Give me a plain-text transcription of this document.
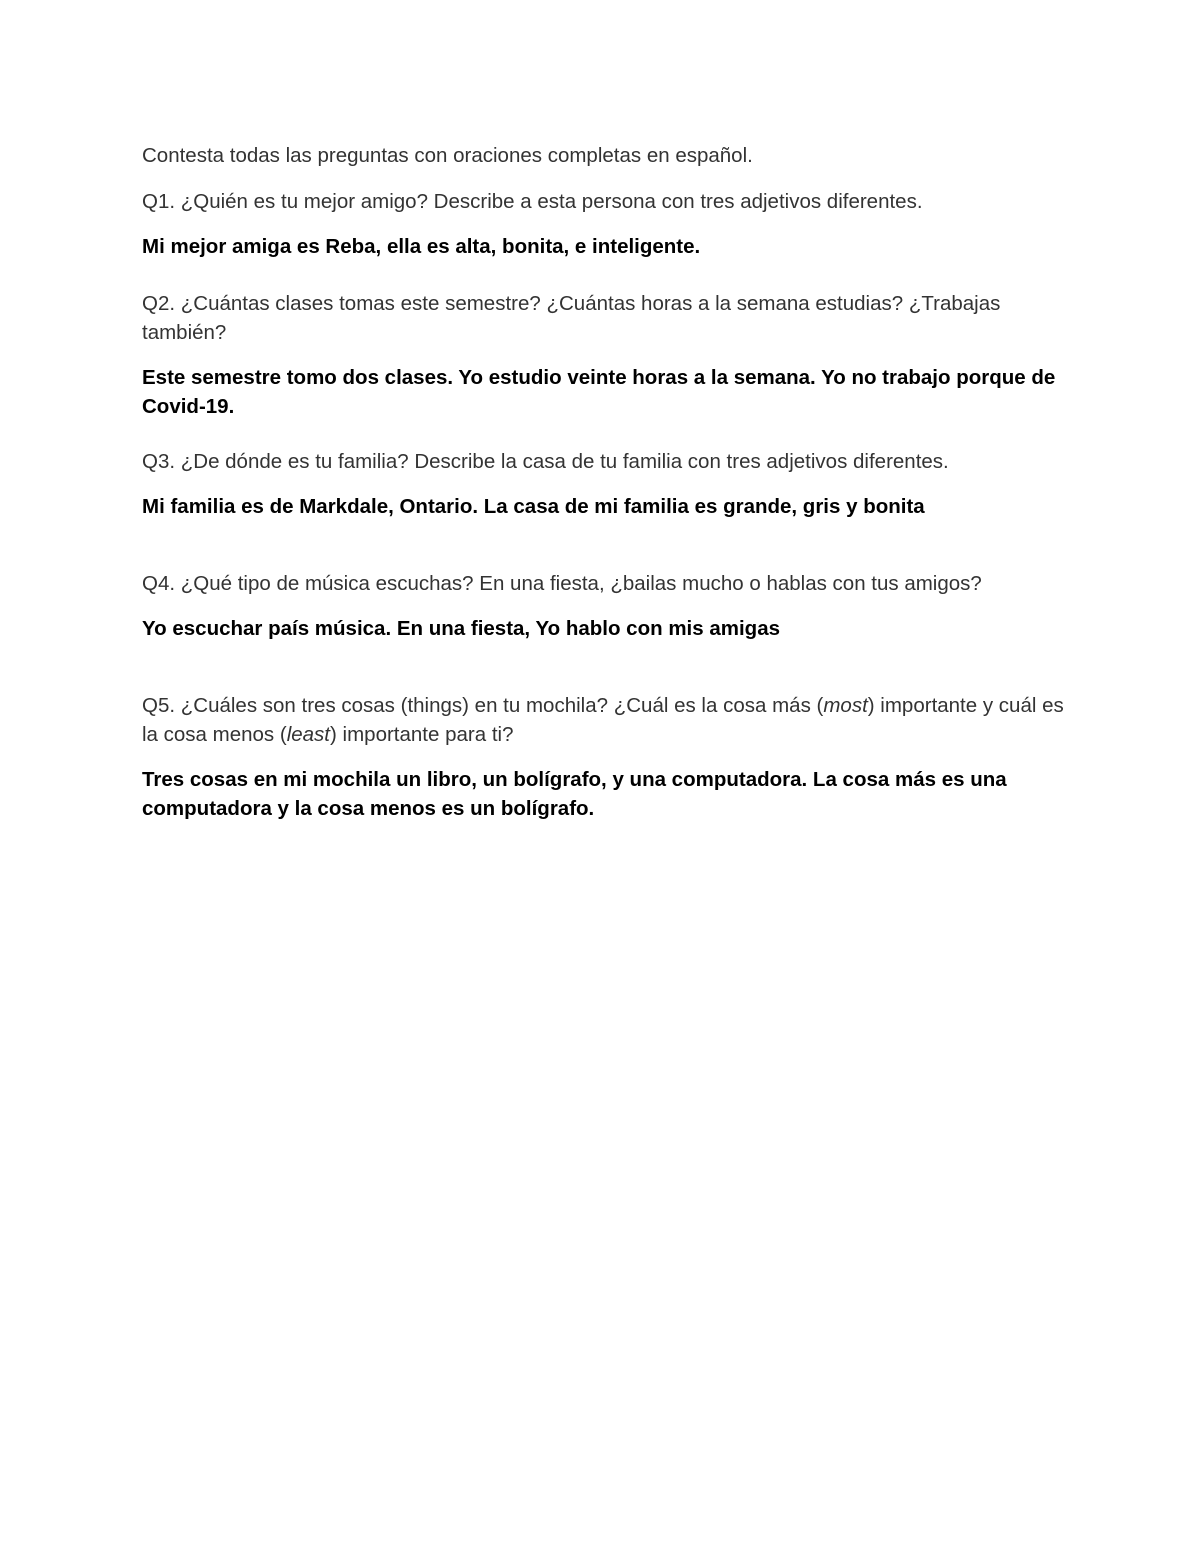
Contesta todas las preguntas con oraciones completas en español.

Q1. ¿Quién es tu mejor amigo? Describe a esta persona con tres adjetivos diferentes.

Mi mejor amiga es Reba, ella es alta, bonita, e inteligente.

Q2. ¿Cuántas clases tomas este semestre? ¿Cuántas horas a la semana estudias? ¿Trabajas también?

Este semestre tomo dos clases. Yo estudio veinte horas a la semana. Yo no trabajo porque de Covid-19.

Q3. ¿De dónde es tu familia? Describe la casa de tu familia con tres adjetivos diferentes.

Mi familia es de Markdale, Ontario. La casa de mi familia es grande, gris y bonita

Q4. ¿Qué tipo de música escuchas? En una fiesta, ¿bailas mucho o hablas con tus amigos?

Yo escuchar país música. En una fiesta, Yo hablo con mis amigas

Q5. ¿Cuáles son tres cosas (things) en tu mochila? ¿Cuál es la cosa más (most) importante y cuál es la cosa menos (least) importante para ti?

Tres cosas en mi mochila un libro, un bolígrafo, y una computadora. La cosa más es una computadora y la cosa menos es un bolígrafo.
